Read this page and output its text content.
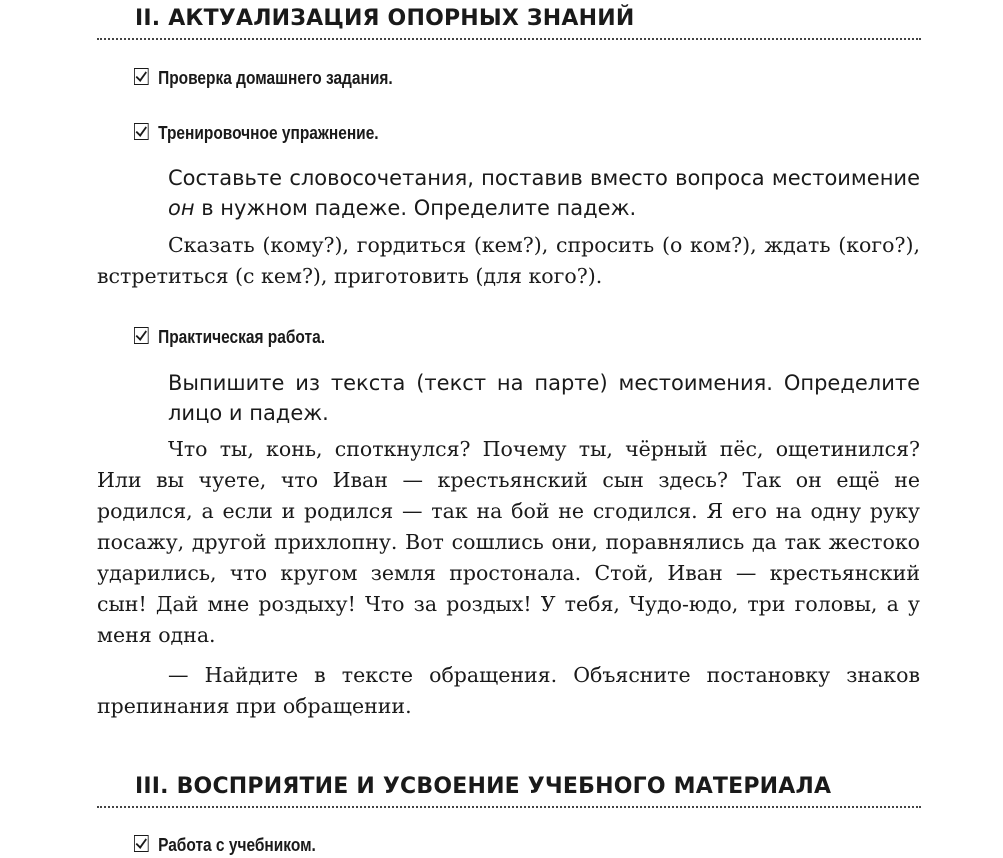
II. АКТУАЛИЗАЦИЯ ОПОРНЫХ ЗНАНИЙ
Проверка домашнего задания.
Тренировочное упражнение.
Составьте словосочетания, поставив вместо вопроса местоимение он в нужном падеже. Определите падеж.
Сказать (кому?), гордиться (кем?), спросить (о ком?), ждать (кого?), встретиться (с кем?), приготовить (для кого?).
Практическая работа.
Выпишите из текста (текст на парте) местоимения. Определите лицо и падеж.
Что ты, конь, споткнулся? Почему ты, чёрный пёс, ощетинился? Или вы чуете, что Иван — крестьянский сын здесь? Так он ещё не родился, а если и родился — так на бой не сгодился. Я его на одну руку посажу, другой прихлопну. Вот сошлись они, поравнялись да так жестоко ударились, что кругом земля простонала. Стой, Иван — крестьянский сын! Дай мне роздыху! Что за роздых! У тебя, Чудо-юдо, три головы, а у меня одна.
— Найдите в тексте обращения. Объясните постановку знаков препинания при обращении.
III. ВОСПРИЯТИЕ И УСВОЕНИЕ УЧЕБНОГО МАТЕРИАЛА
Работа с учебником.
